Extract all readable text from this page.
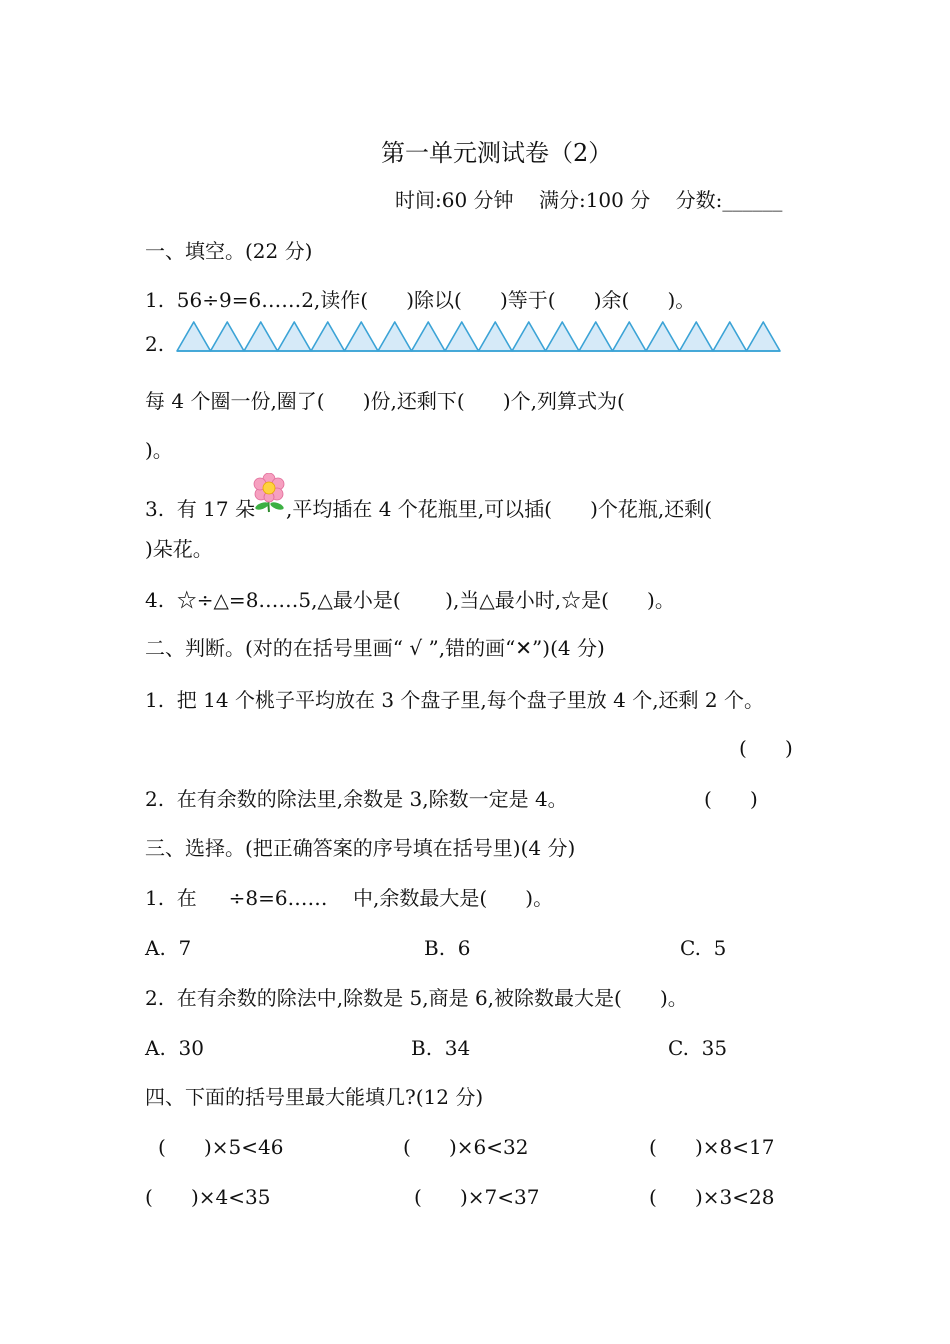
第一单元测试卷（2）
时间:60 分钟    满分:100 分    分数:______
一、填空。(22 分)
1.  56÷9=6……2,读作(      )除以(      )等于(      )余(      )。
2.
每 4 个圈一份,圈了(      )份,还剩下(      )个,列算式为(
)。
3.  有 17 朵 ,平均插在 4 个花瓶里,可以插(      )个花瓶,还剩(
)朵花。
4.  ☆÷△=8……5,△最小是(       ),当△最小时,☆是(      )。
二、判断。(对的在括号里画“ √ ”,错的画“✕”)(4 分)
1.  把 14 个桃子平均放在 3 个盘子里,每个盘子里放 4 个,还剩 2 个。
(      )
2.  在有余数的除法里,余数是 3,除数一定是 4。	(      )
三、选择。(把正确答案的序号填在括号里)(4 分)
1.  在     ÷8=6……    中,余数最大是(      )。
A.  7	B.  6	C.  5
2.  在有余数的除法中,除数是 5,商是 6,被除数最大是(      )。
A.  30	B.  34	C.  35
四、下面的括号里最大能填几?(12 分)
(      )×5<46	(      )×6<32	(      )×8<17
(      )×4<35	(      )×7<37	(      )×3<28
